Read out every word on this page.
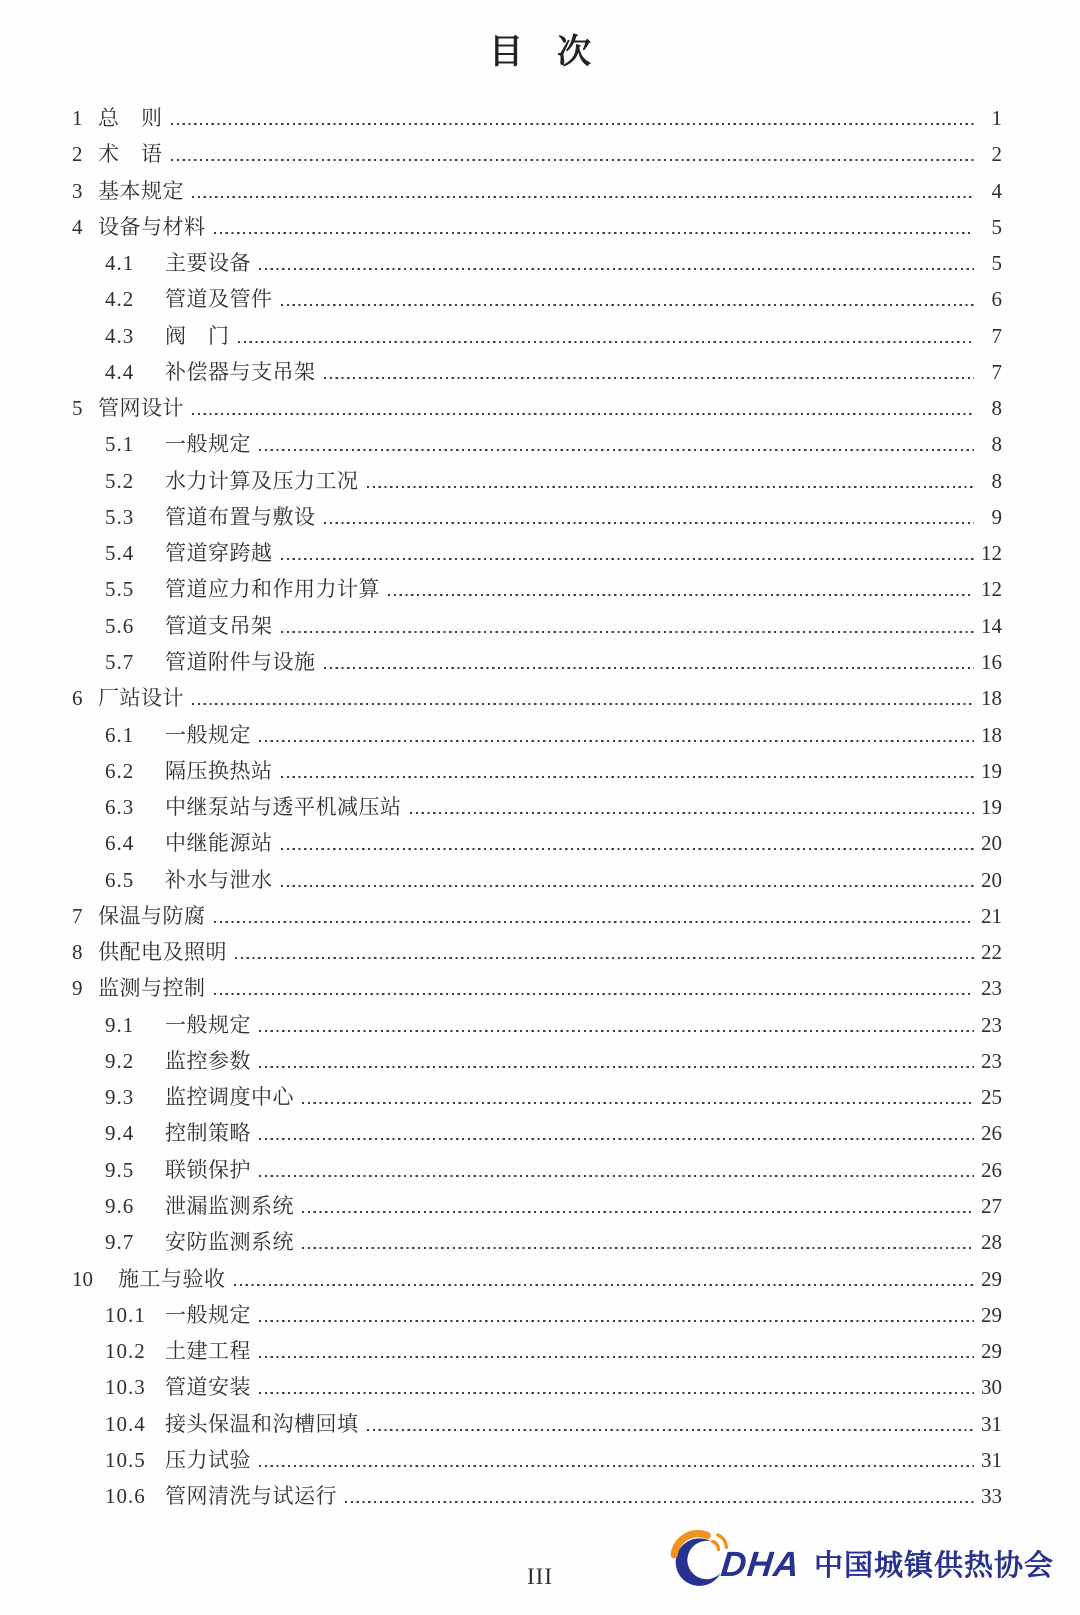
目　次
1 总　则	1
2 术　语	2
3 基本规定	4
4 设备与材料	5
4.1	主要设备	5
4.2	管道及管件	6
4.3	阀　门	7
4.4	补偿器与支吊架	7
5 管网设计	8
5.1	一般规定	8
5.2	水力计算及压力工况	8
5.3	管道布置与敷设	9
5.4	管道穿跨越	12
5.5	管道应力和作用力计算	12
5.6	管道支吊架	14
5.7	管道附件与设施	16
6 厂站设计	18
6.1	一般规定	18
6.2	隔压换热站	19
6.3	中继泵站与透平机减压站	19
6.4	中继能源站	20
6.5	补水与泄水	20
7 保温与防腐	21
8 供配电及照明	22
9 监测与控制	23
9.1	一般规定	23
9.2	监控参数	23
9.3	监控调度中心	25
9.4	控制策略	26
9.5	联锁保护	26
9.6	泄漏监测系统	27
9.7	安防监测系统	28
10	施工与验收	29
10.1 一般规定	29
10.2 土建工程	29
10.3 管道安装	30
10.4 接头保温和沟槽回填	31
10.5 压力试验	31
10.6 管网清洗与试运行	33
III	DHA 中国城镇供热协会
